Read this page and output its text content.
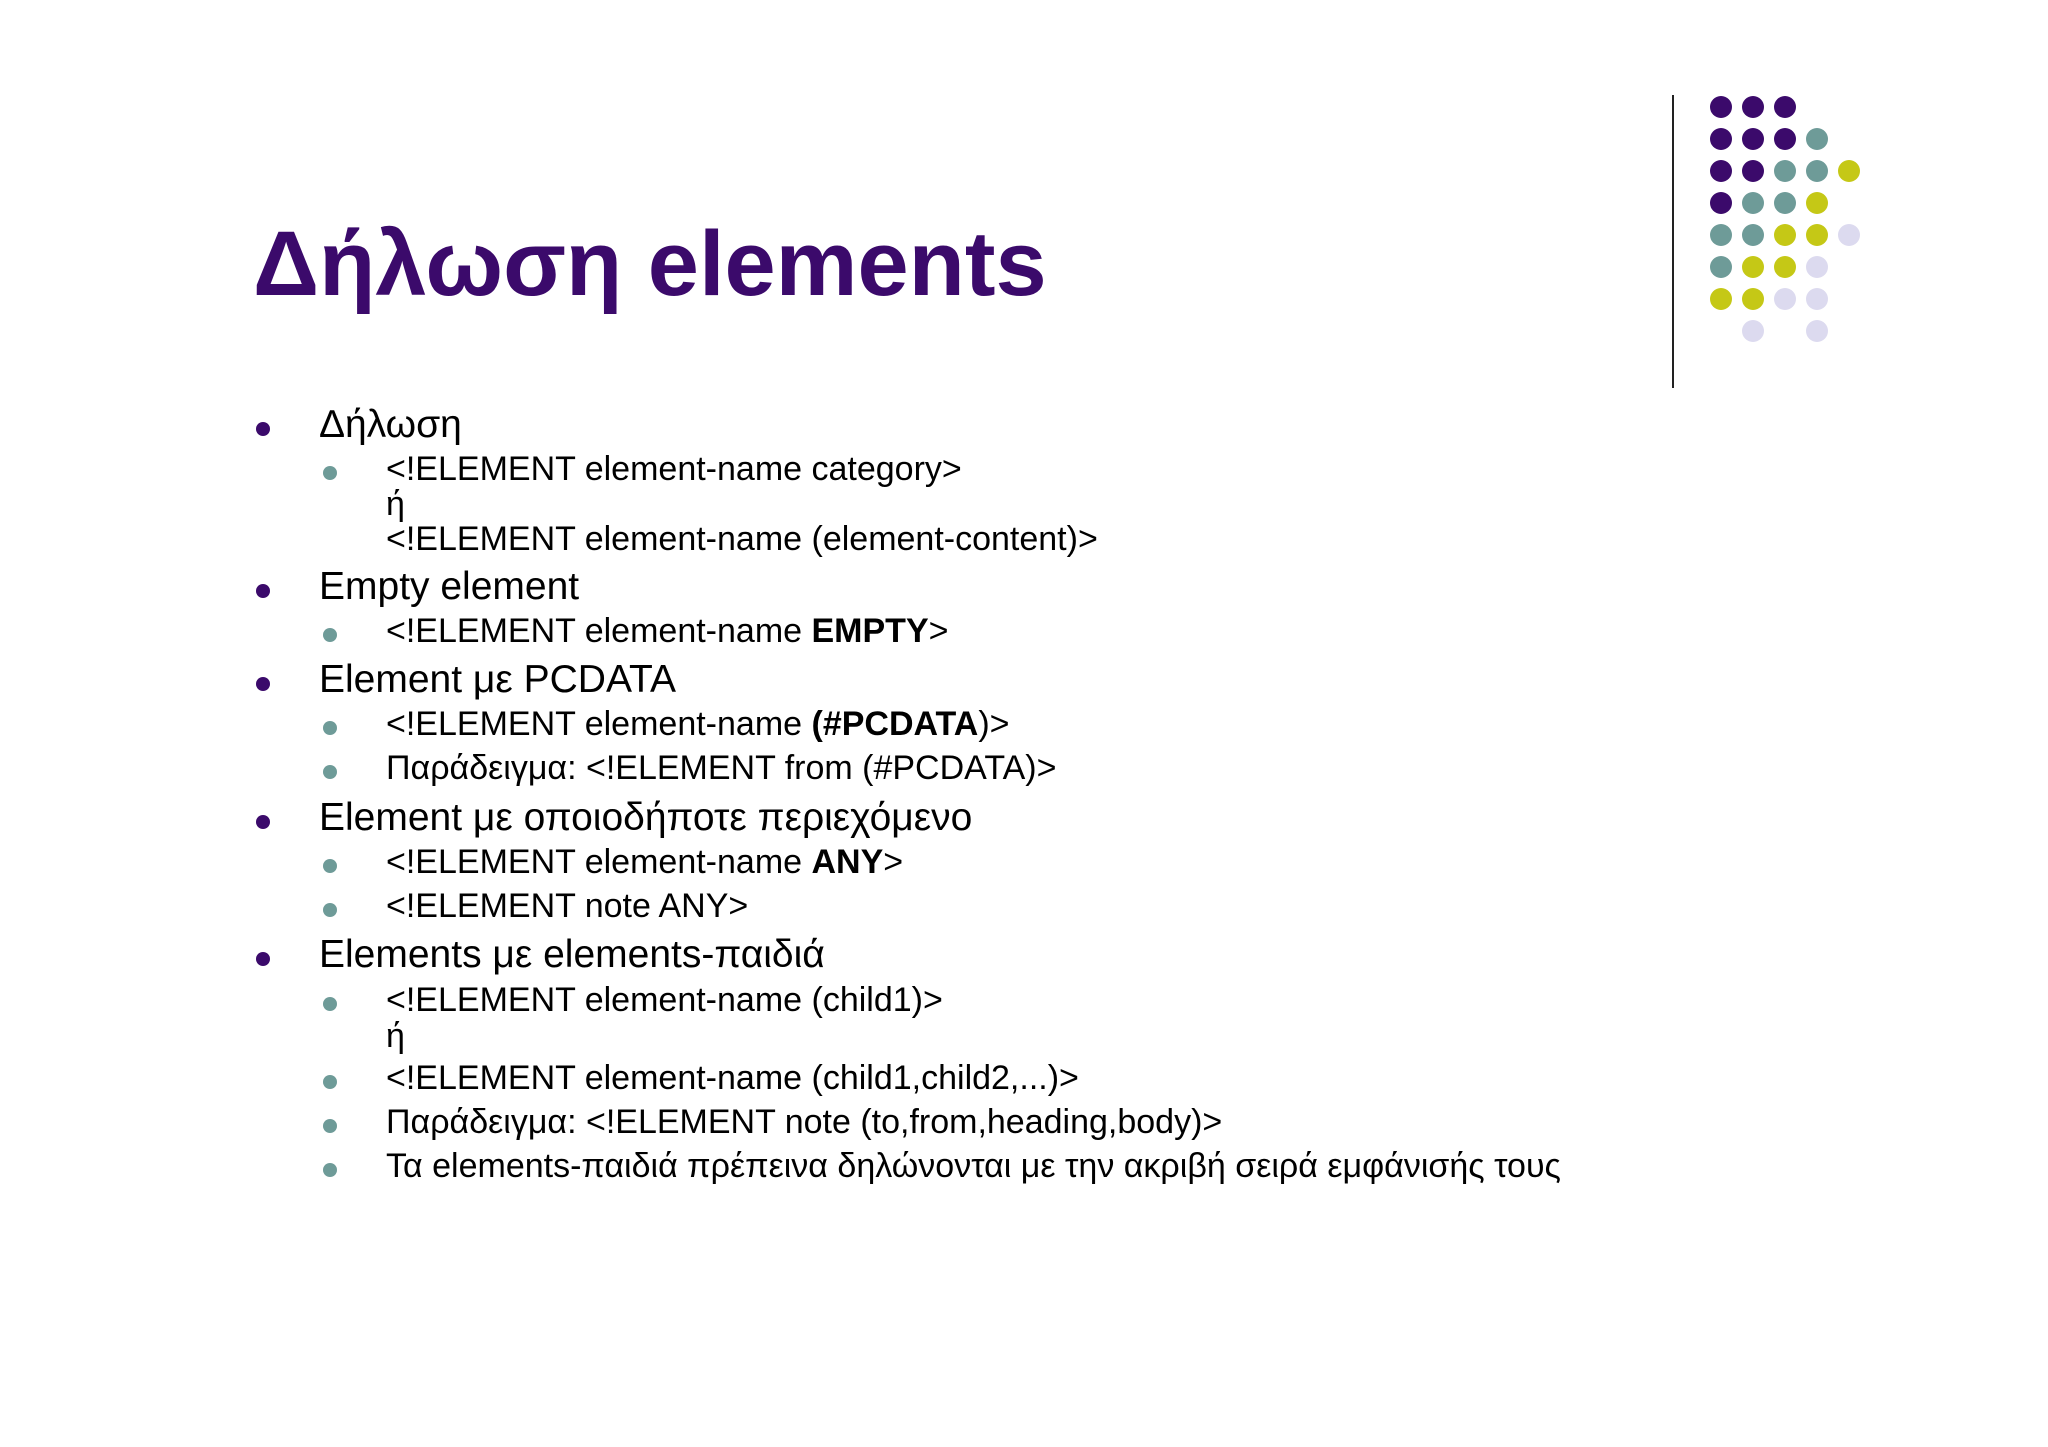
Δήλωση elements
Δήλωση
<!ELEMENT element-name category>
ή
<!ELEMENT element-name (element-content)>
Empty element
<!ELEMENT element-name EMPTY>
Element με PCDATA
<!ELEMENT element-name (#PCDATA)>
Παράδειγμα: <!ELEMENT from (#PCDATA)>
Element με οποιοδήποτε περιεχόμενο
<!ELEMENT element-name ANY>
<!ELEMENT note ANY>
Elements με elements-παιδιά
<!ELEMENT element-name (child1)>
ή
<!ELEMENT element-name (child1,child2,...)>
Παράδειγμα: <!ELEMENT note (to,from,heading,body)>
Τα elements-παιδιά πρέπεινα δηλώνονται με την ακριβή σειρά εμφάνισής τους
